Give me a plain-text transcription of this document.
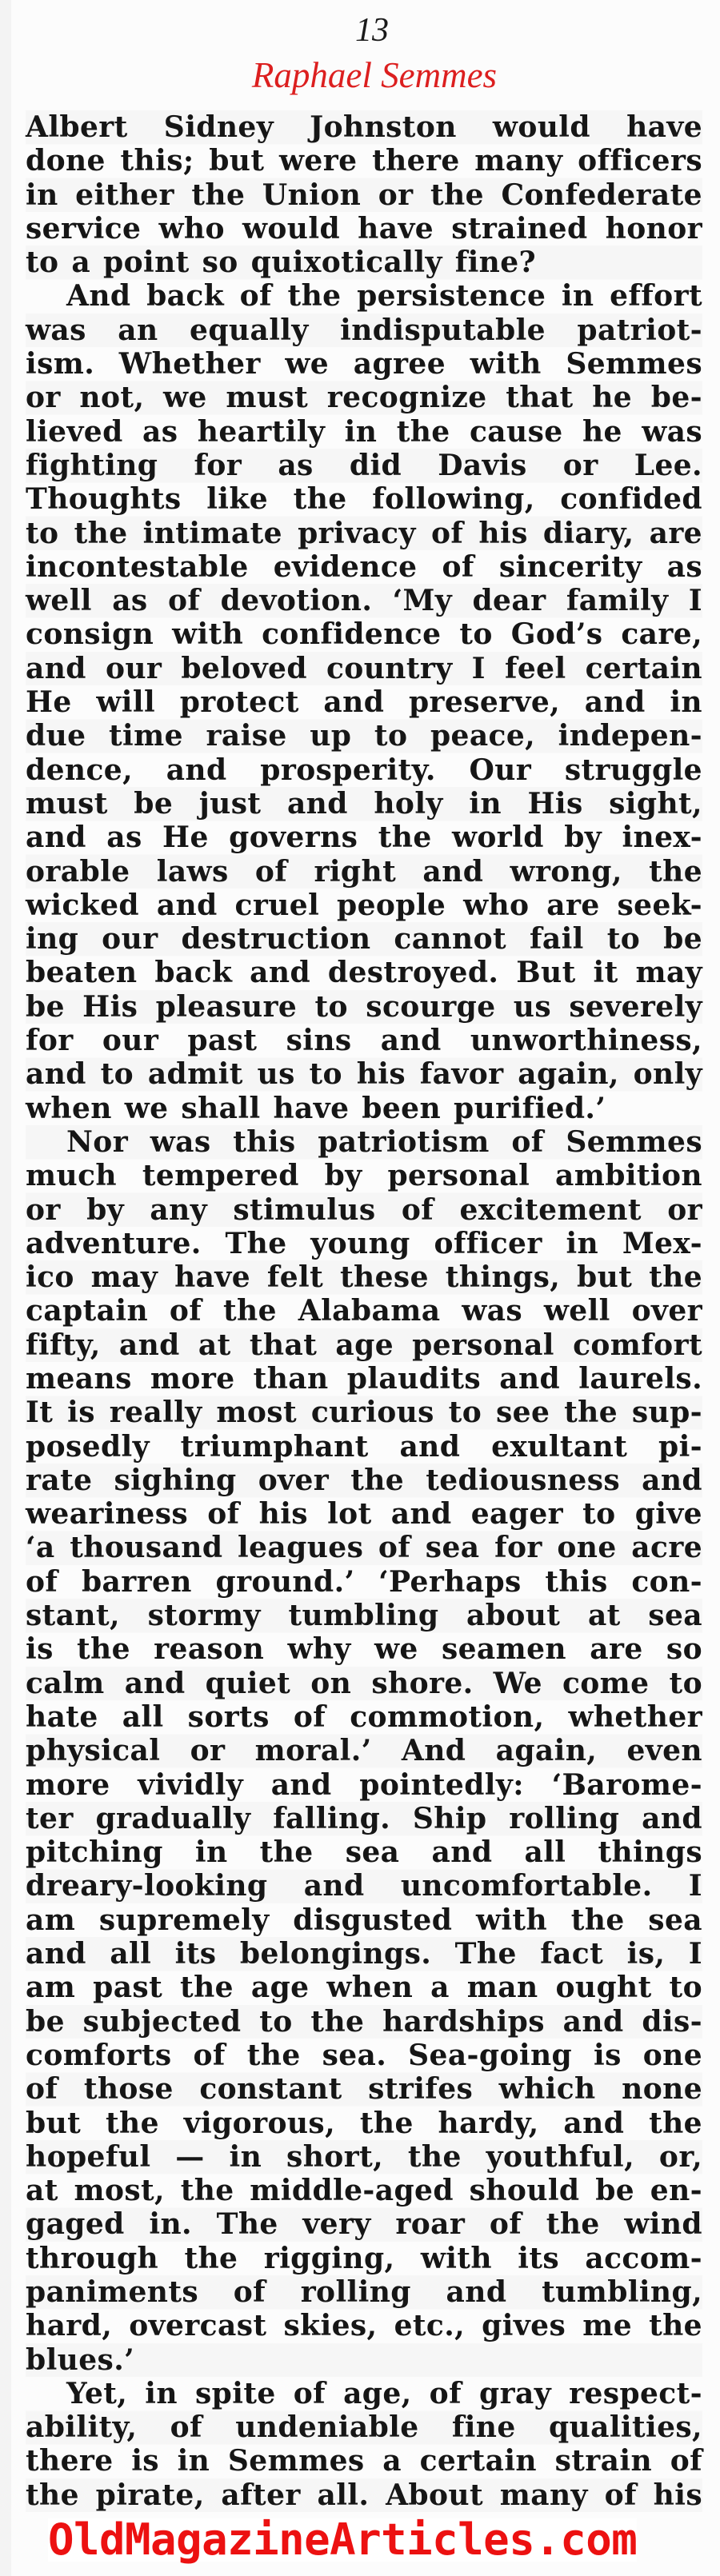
13
Raphael Semmes
Albert Sidney Johnston would have
done this; but were there many officers
in either the Union or the Confederate
service who would have strained honor
to a point so quixotically fine?
And back of the persistence in effort
was an equally indisputable patriot-
ism. Whether we agree with Semmes
or not, we must recognize that he be-
lieved as heartily in the cause he was
fighting for as did Davis or Lee.
Thoughts like the following, confided
to the intimate privacy of his diary, are
incontestable evidence of sincerity as
well as of devotion. ‘My dear family I
consign with confidence to God’s care,
and our beloved country I feel certain
He will protect and preserve, and in
due time raise up to peace, indepen-
dence, and prosperity. Our struggle
must be just and holy in His sight,
and as He governs the world by inex-
orable laws of right and wrong, the
wicked and cruel people who are seek-
ing our destruction cannot fail to be
beaten back and destroyed. But it may
be His pleasure to scourge us severely
for our past sins and unworthiness,
and to admit us to his favor again, only
when we shall have been purified.’
Nor was this patriotism of Semmes
much tempered by personal ambition
or by any stimulus of excitement or
adventure. The young officer in Mex-
ico may have felt these things, but the
captain of the Alabama was well over
fifty, and at that age personal comfort
means more than plaudits and laurels.
It is really most curious to see the sup-
posedly triumphant and exultant pi-
rate sighing over the tediousness and
weariness of his lot and eager to give
‘a thousand leagues of sea for one acre
of barren ground.’ ‘Perhaps this con-
stant, stormy tumbling about at sea
is the reason why we seamen are so
calm and quiet on shore. We come to
hate all sorts of commotion, whether
physical or moral.’ And again, even
more vividly and pointedly: ‘Barome-
ter gradually falling. Ship rolling and
pitching in the sea and all things
dreary-looking and uncomfortable. I
am supremely disgusted with the sea
and all its belongings. The fact is, I
am past the age when a man ought to
be subjected to the hardships and dis-
comforts of the sea. Sea-going is one
of those constant strifes which none
but the vigorous, the hardy, and the
hopeful — in short, the youthful, or,
at most, the middle-aged should be en-
gaged in. The very roar of the wind
through the rigging, with its accom-
paniments of rolling and tumbling,
hard, overcast skies, etc., gives me the
blues.’
Yet, in spite of age, of gray respect-
ability, of undeniable fine qualities,
there is in Semmes a certain strain of
the pirate, after all. About many of his
OldMagazineArticles.com
